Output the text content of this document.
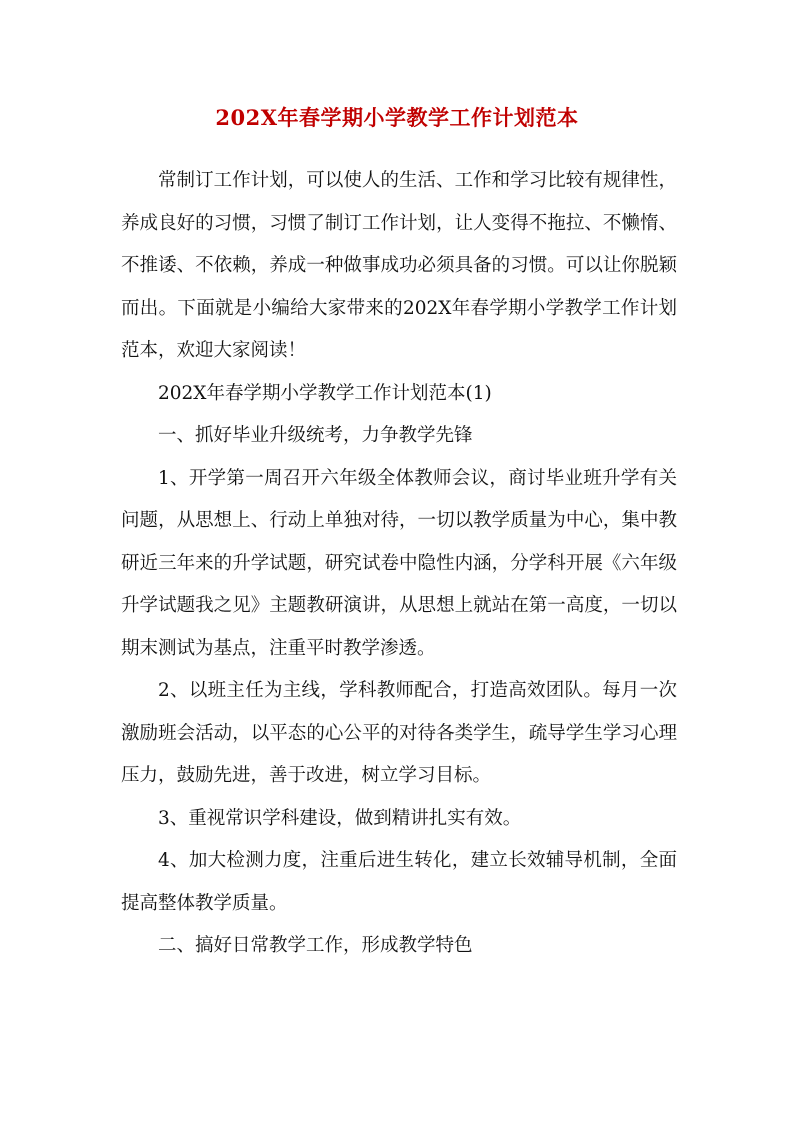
202X年春学期小学教学工作计划范本

常制订工作计划，可以使人的生活、工作和学习比较有规律性，养成良好的习惯，习惯了制订工作计划，让人变得不拖拉、不懒惰、不推诿、不依赖，养成一种做事成功必须具备的习惯。可以让你脱颖而出。下面就是小编给大家带来的202X年春学期小学教学工作计划范本，欢迎大家阅读！

202X年春学期小学教学工作计划范本(1)

一、抓好毕业升级统考，力争教学先锋

1、开学第一周召开六年级全体教师会议，商讨毕业班升学有关问题，从思想上、行动上单独对待，一切以教学质量为中心，集中教研近三年来的升学试题，研究试卷中隐性内涵，分学科开展《六年级升学试题我之见》主题教研演讲，从思想上就站在第一高度，一切以期末测试为基点，注重平时教学渗透。

2、以班主任为主线，学科教师配合，打造高效团队。每月一次激励班会活动，以平态的心公平的对待各类学生，疏导学生学习心理压力，鼓励先进，善于改进，树立学习目标。

3、重视常识学科建设，做到精讲扎实有效。

4、加大检测力度，注重后进生转化，建立长效辅导机制，全面提高整体教学质量。

二、搞好日常教学工作，形成教学特色
